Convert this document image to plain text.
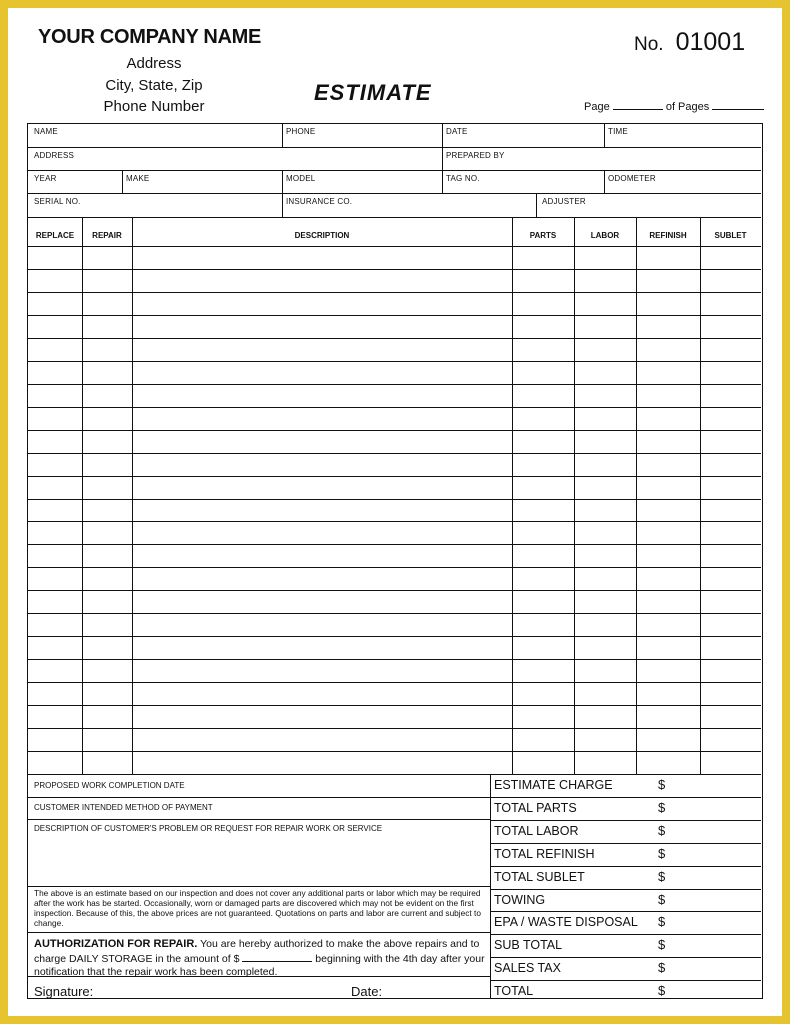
YOUR COMPANY NAME
Address
City, State, Zip
Phone Number
ESTIMATE
No. 01001
Page	of Pages
NAME	PHONE	DATE	TIME
ADDRESS	PREPARED BY
YEAR	MAKE	MODEL	TAG NO.	ODOMETER
SERIAL NO.	INSURANCE CO.	ADJUSTER
REPLACE	REPAIR	DESCRIPTION	PARTS	LABOR	REFINISH	SUBLET
PROPOSED WORK COMPLETION DATE
CUSTOMER INTENDED METHOD OF PAYMENT
DESCRIPTION OF CUSTOMER'S PROBLEM OR REQUEST FOR REPAIR WORK OR SERVICE
The above is an estimate based on our inspection and does not cover any additional parts or labor which may be required after the work has be started. Occasionally, worn or damaged parts are discovered which may not be evident on the first inspection. Because of this, the above prices are not guaranteed. Quotations on parts and labor are current and subject to change.
AUTHORIZATION FOR REPAIR. You are hereby authorized to make the above repairs and to charge DAILY STORAGE in the amount of $	beginning with the 4th day after your notification that the repair work has been completed.
Signature:	Date:
ESTIMATE CHARGE	$
TOTAL PARTS	$
TOTAL LABOR	$
TOTAL REFINISH	$
TOTAL SUBLET	$
TOWING	$
EPA / WASTE DISPOSAL $
SUB TOTAL	$
SALES TAX	$
TOTAL	$
